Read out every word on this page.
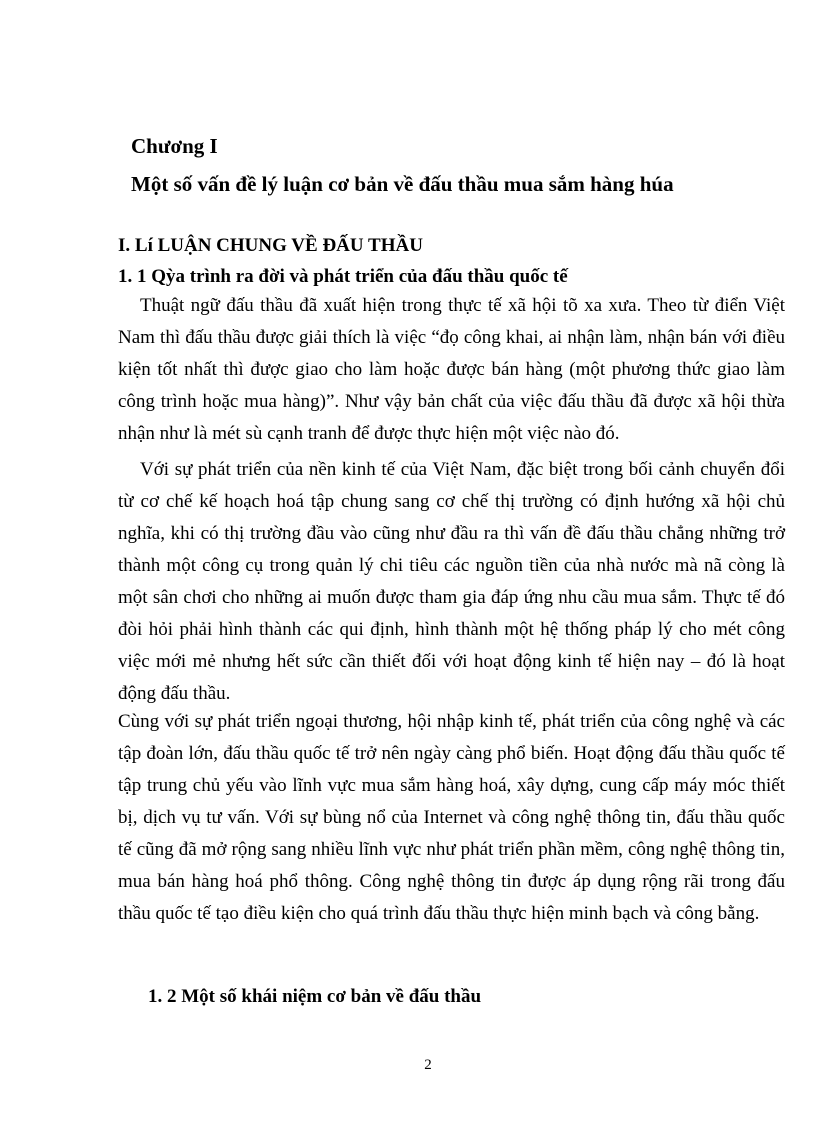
Chương I
Một số vấn đề lý luận cơ bản về đấu thầu mua sắm hàng húa
I. Lí LUẬN CHUNG VỀ ĐẤU THẦU
1. 1 Qỳa trình ra đời và phát triển của đấu thầu quốc tế

Thuật ngữ đấu thầu đã xuất hiện trong thực tế xã hội tõ xa xưa. Theo từ điển Việt Nam thì đấu thầu được giải thích là việc “đọ công khai, ai nhận làm, nhận bán với điều kiện tốt nhất thì được giao cho làm hoặc được bán hàng (một phương thức giao làm công trình hoặc mua hàng)”. Như vậy bản chất của việc đấu thầu đã được xã hội thừa nhận như là mét sù cạnh tranh để được thực hiện một việc nào đó.

Với sự phát triển của nền kinh tế của Việt Nam, đặc biệt trong bối cảnh chuyển đổi từ cơ chế kế hoạch hoá tập chung sang cơ chế thị trường có định hướng xã hội chủ nghĩa, khi có thị trường đầu vào cũng như đầu ra thì vấn đề đấu thầu chẳng những trở thành một công cụ trong quản lý chi tiêu các nguồn tiền của nhà nước mà nã còng là một sân chơi cho những ai muốn được tham gia đáp ứng nhu cầu mua sắm. Thực tế đó đòi hỏi phải hình thành các qui định, hình thành một hệ thống pháp lý cho mét công việc mới mẻ nhưng hết sức cần thiết đối với hoạt động kinh tế hiện nay – đó là hoạt động đấu thầu.

Cùng với sự phát triển ngoại thương, hội nhập kinh tế, phát triển của công nghệ và các tập đoàn lớn, đấu thầu quốc tế trở nên ngày càng phổ biến. Hoạt động đấu thầu quốc tế tập trung chủ yếu vào lĩnh vực mua sắm hàng hoá, xây dựng, cung cấp máy móc thiết bị, dịch vụ tư vấn. Với sự bùng nổ của Internet và công nghệ thông tin, đấu thầu quốc tế cũng đã mở rộng sang nhiều lĩnh vực như phát triển phần mềm, công nghệ thông tin, mua bán hàng hoá phổ thông. Công nghệ thông tin được áp dụng rộng rãi trong đấu thầu quốc tế tạo điều kiện cho quá trình đấu thầu thực hiện minh bạch và công bằng.

1. 2 Một số khái niệm cơ bản về đấu thầu
2
